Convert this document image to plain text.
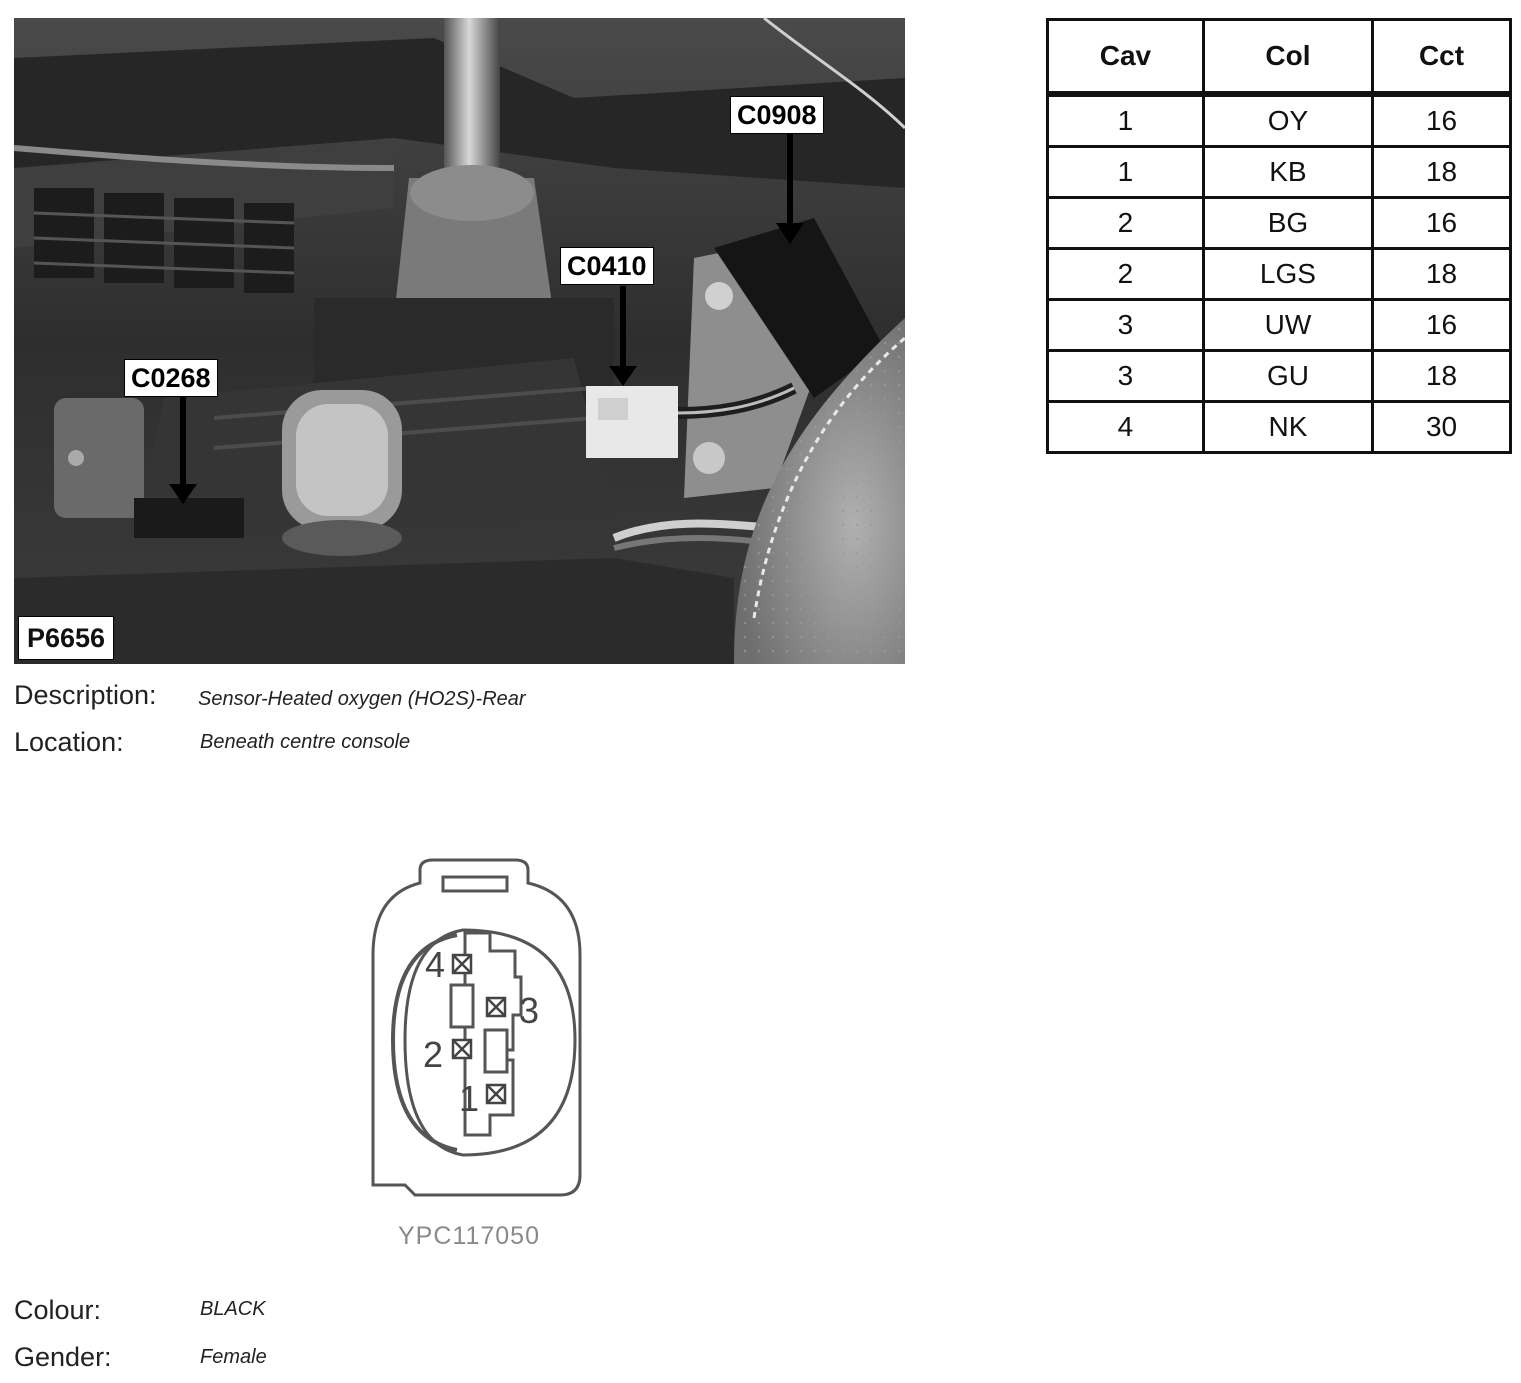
C0908
C0410
C0268
P6656
Cav	Col	Cct
1	OY	16
1	KB	18
2	BG	16
2	LGS	18
3	UW	16
3	GU	18
4	NK	30
Description: Sensor-Heated oxygen (HO2S)-Rear
Location:	Beneath centre console
4
2
3
1
YPC117050
Colour:	BLACK
Gender:	Female
